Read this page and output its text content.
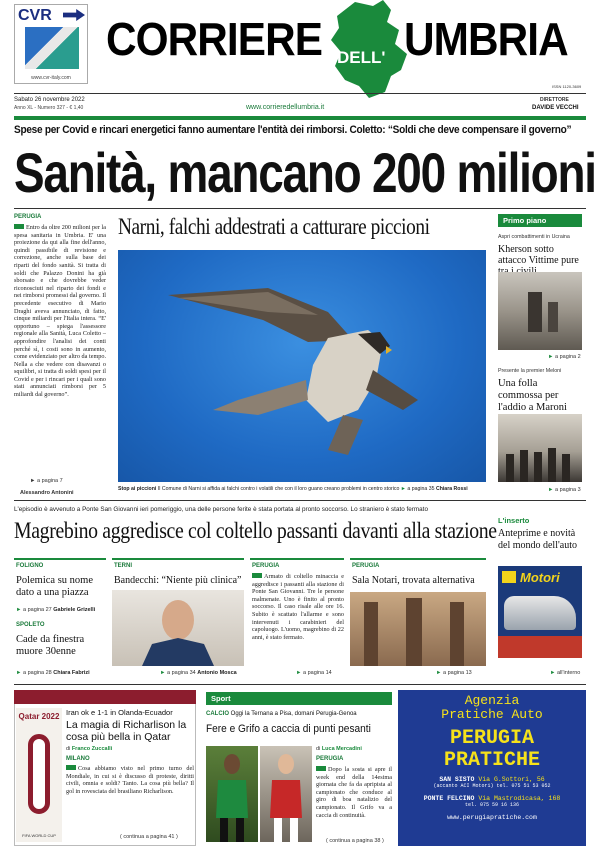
CVR
www.cvr-italy.com
CORRIERE DELL' UMBRIA
ISSN 1120-3609
Sabato 26 novembre 2022
Anno XL - Numero 327 - € 1,40	www.corrieredellumbria.it
DIRETTORE
DAVIDE VECCHI
Spese per Covid e rincari energetici fanno aumentare l'entità dei rimborsi. Coletto: “Soldi che deve compensare il governo”
Sanità, mancano 200 milioni
PERUGIA
Entro da oltre 200 milioni per la spesa sanitaria in Umbria. E' una proiezione da qui alla fine dell'anno, quindi passibile di revisione e correzione, anche sulla base dei riparti del fondo sanità. Si tratta di soldi che Palazzo Donini ha già sborsato e che dovrebbe veder riconosciuti nel riparto dei fondi e nei rimborsi promessi dal governo. Il precedente esecutivo di Mario Draghi aveva annunciato, di fatto, cinque miliardi per l'Italia intera. “E' opportuno – spiega l'assessore regionale alla Sanità, Luca Coletto – approfondire l'analisi dei conti perché sì, i costi sono in aumento, come evidenziato per altro da tempo. Nella a che vedere con disavanzi o squilibri, si tratta di soldi spesi per il Covid e per i rincari per i quali sono stati annunciati rimborsi per 5 miliardi dal governo”.
► a pagina 7
Alessandro Antonini
Narni, falchi addestrati a catturare piccioni
Stop ai piccioni Il Comune di Narni si affida ai falchi contro i volatili che con il loro guano creano problemi in centro storico ► a pagina 35 Chiara Rossi
Primo piano
Aspri combattimenti in Ucraina
Kherson sotto attacco Vittime pure
► a pagina 2
Presente la premier Meloni
Una folla commossa per l'addio a Maroni
► a pagina 3
L'episodio è avvenuto a Ponte San Giovanni ieri pomeriggio, una delle persone ferite è stata portata al pronto soccorso. Lo straniero è stato fermato
Magrebino aggredisce col coltello passanti davanti alla stazione L'inserto
Anteprime e novità del mondo dell'auto
Motori
► all'interno
FOLIGNO
Polemica su nome dato a una piazza
► a pagina 27 Gabriele Grizelli
SPOLETO
Cade da finestra muore 30enne
► a pagina 28 Chiara Fabrizi
TERNI
Bandecchi: “Niente più clinica”
► a pagina 34 Antonio Mosca
PERUGIA
Armato di coltello minaccia e aggredisce i passanti alla stazione di Ponte San Giovanni. Tre le persone malmenate. Uno è finito al pronto soccorso. Il caso risale alle ore 16. Subito è scattato l'allarme e sono intervenuti i carabinieri del capoluogo. L'uomo, magrebino di 22 anni, è stato fermato.
► a pagina 14
PERUGIA
Sala Notari, trovata alternativa
► a pagina 13
Qatar 2022
FIFA WORLD CUP
Iran ok e 1-1 in Olanda-Ecuador
La magia di Richarlison la cosa più bella in Qatar
di Franco Zuccalli
MILANO
Cosa abbiamo visto nel primo turno del Mondiale, in cui si è discusso di proteste, diritti civili, omnia e soldi? Tanto. La cosa più bella? Il gol in rovesciata del brasiliano Richarlison.
( continua a pagina 41 )
Sport
CALCIO Oggi la Ternana a Pisa, domani Perugia-Genoa
Fere e Grifo a caccia di punti pesanti
di Luca Mercadini
PERUGIA
Dopo la sosta si apre il week end della 14esima giornata che fa da apripista al campionato che conduce al giro di boa natalizio del campionato. Il Grifo va a caccia di continuità.
( continua a pagina 38 )
Agenzia
Pratiche Auto
PERUGIA
PRATICHE
SAN SISTO Via G.Sottori, 56
(accanto ACI Motori) tel. 075 51 53 052
PONTE FELCINO Via Mastrodicasa, 168
tel. 075 59 16 136
www.perugiapratiche.com
